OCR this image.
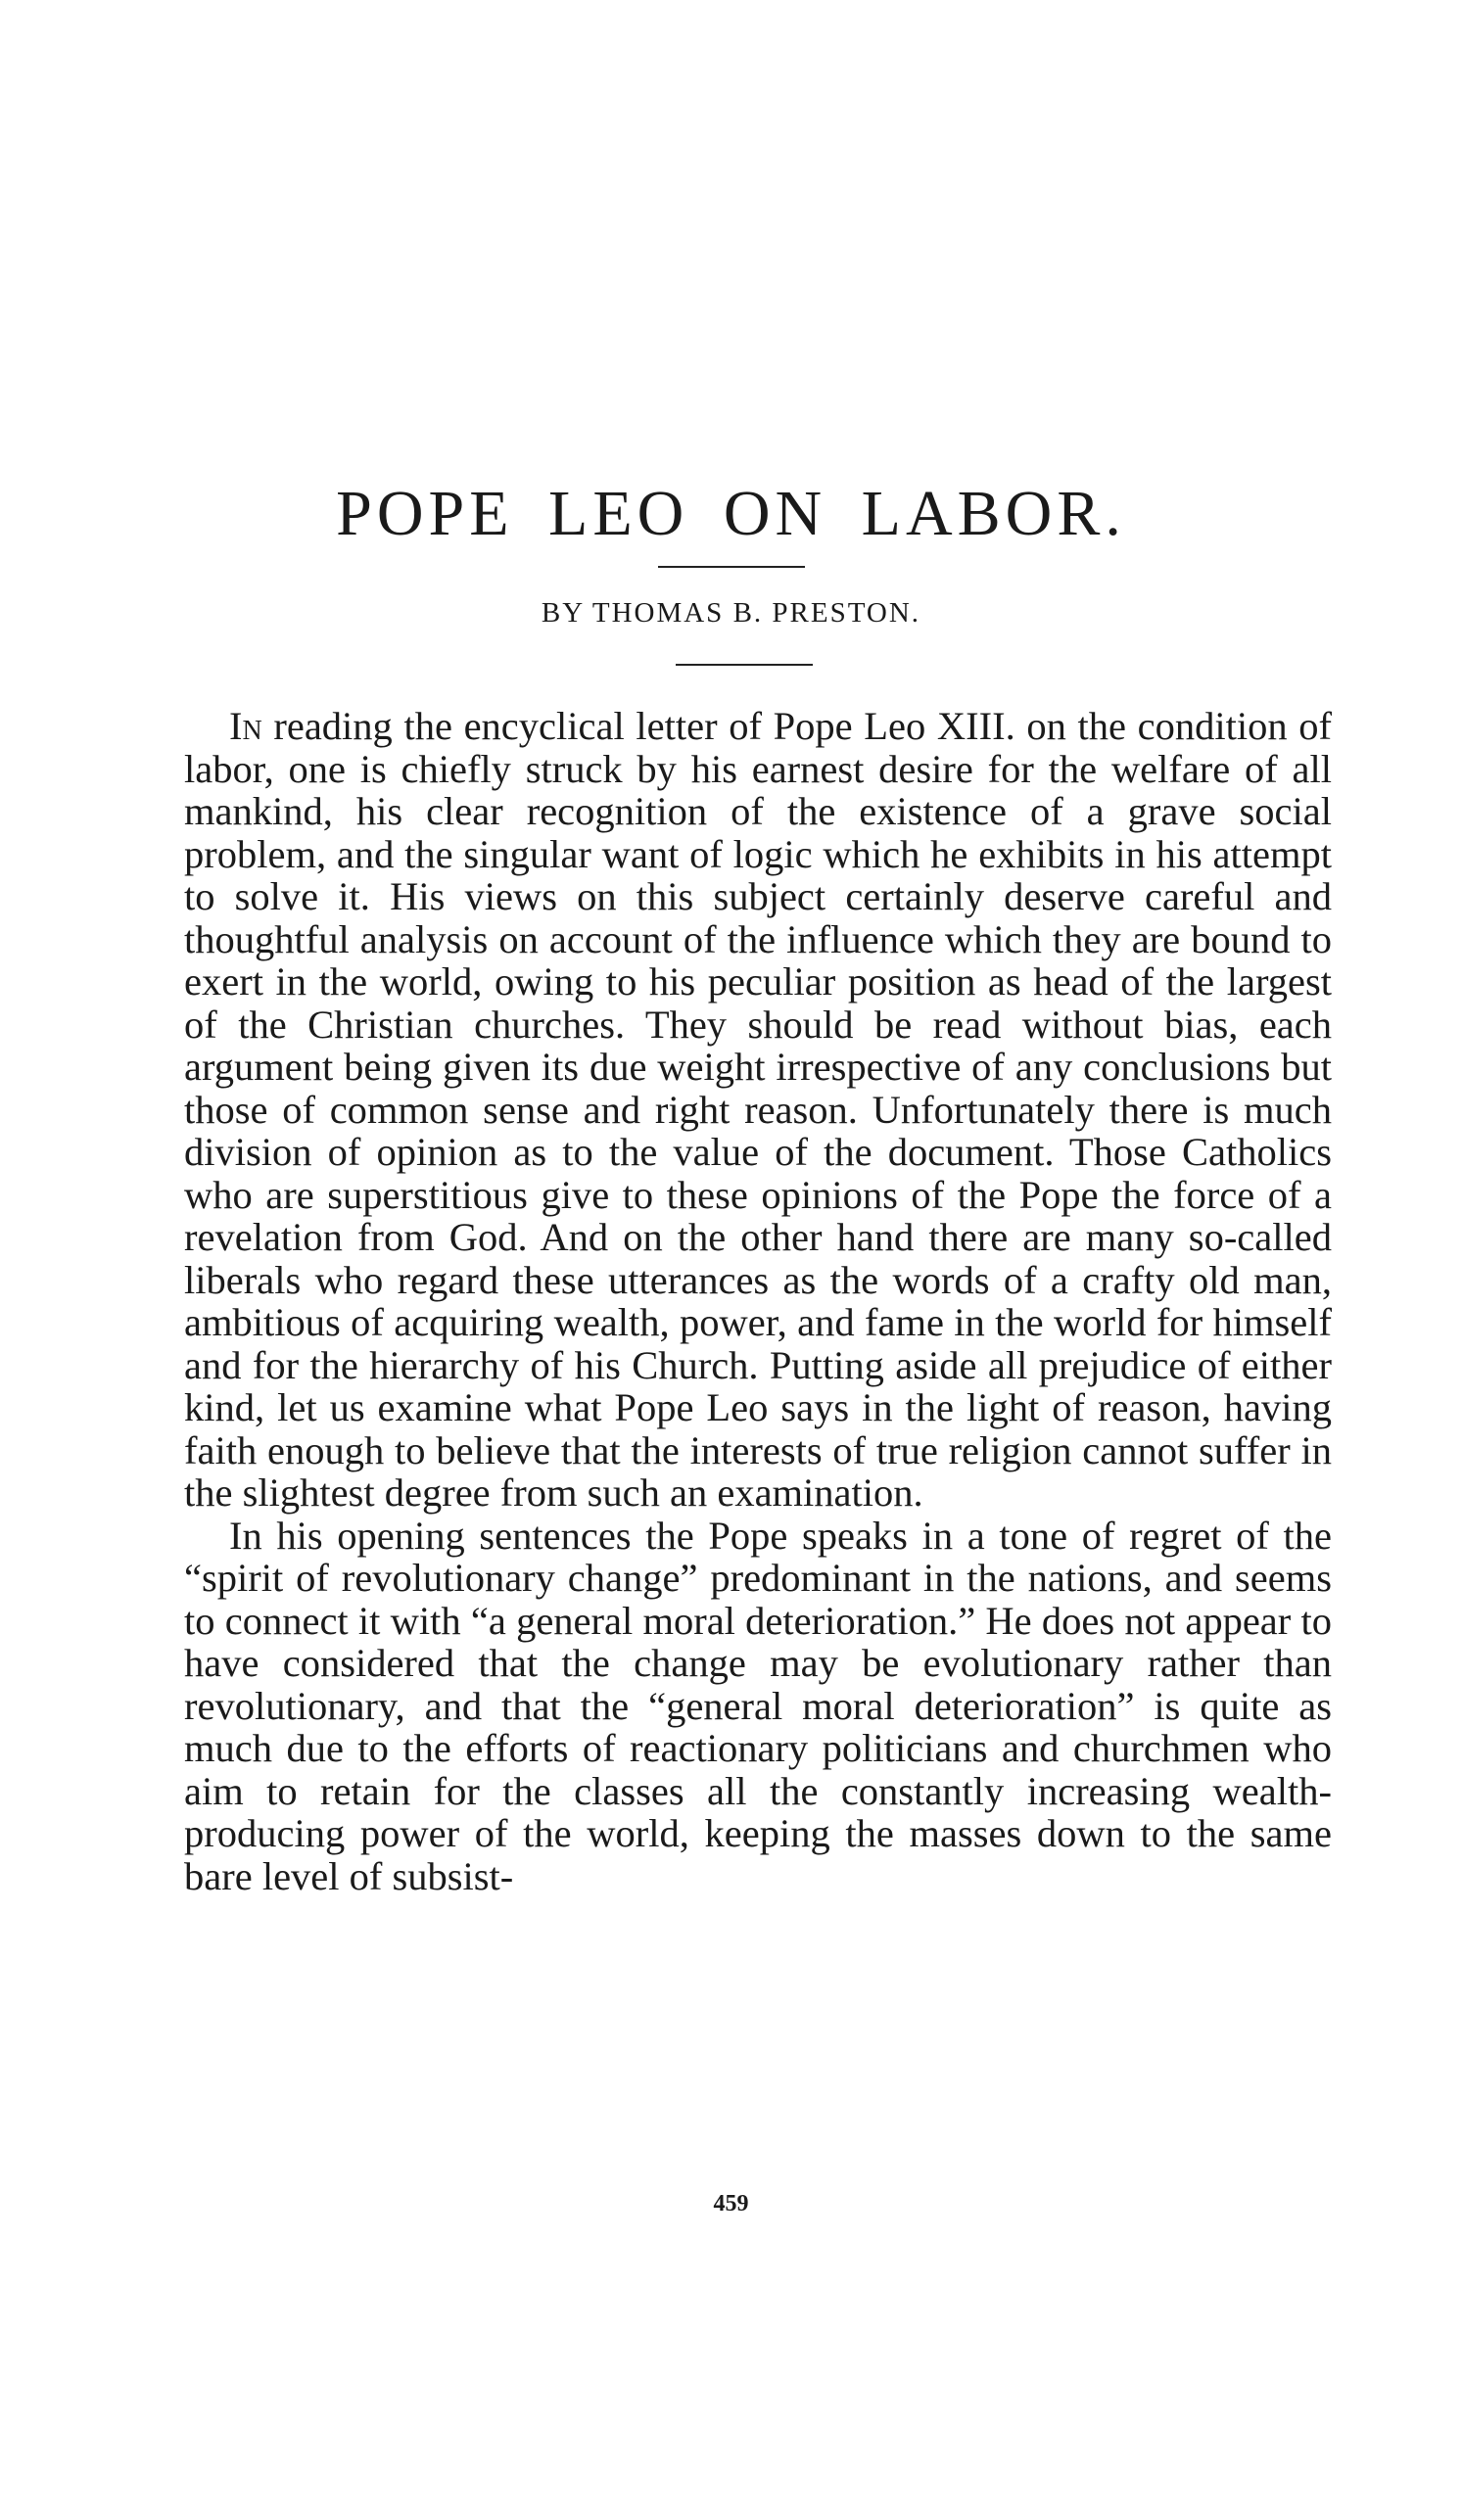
POPE LEO ON LABOR.

BY THOMAS B. PRESTON.

In reading the encyclical letter of Pope Leo XIII. on the condition of labor, one is chiefly struck by his earnest desire for the welfare of all mankind, his clear recognition of the existence of a grave social problem, and the singular want of logic which he exhibits in his attempt to solve it. His views on this subject certainly deserve careful and thoughtful analysis on account of the influence which they are bound to exert in the world, owing to his peculiar position as head of the largest of the Christian churches. They should be read without bias, each argument being given its due weight irrespective of any conclusions but those of common sense and right reason. Unfortunately there is much division of opinion as to the value of the document. Those Catholics who are superstitious give to these opinions of the Pope the force of a revelation from God. And on the other hand there are many so-called liberals who regard these utterances as the words of a crafty old man, ambitious of acquiring wealth, power, and fame in the world for himself and for the hierarchy of his Church. Putting aside all prejudice of either kind, let us examine what Pope Leo says in the light of reason, having faith enough to believe that the interests of true religion cannot suffer in the slightest degree from such an examination.

In his opening sentences the Pope speaks in a tone of regret of the “spirit of revolutionary change” predominant in the nations, and seems to connect it with “a general moral deterioration.” He does not appear to have considered that the change may be evolutionary rather than revolutionary, and that the “general moral deterioration” is quite as much due to the efforts of reactionary politicians and churchmen who aim to retain for the classes all the constantly increasing wealth-producing power of the world, keeping the masses down to the same bare level of subsist-

459
